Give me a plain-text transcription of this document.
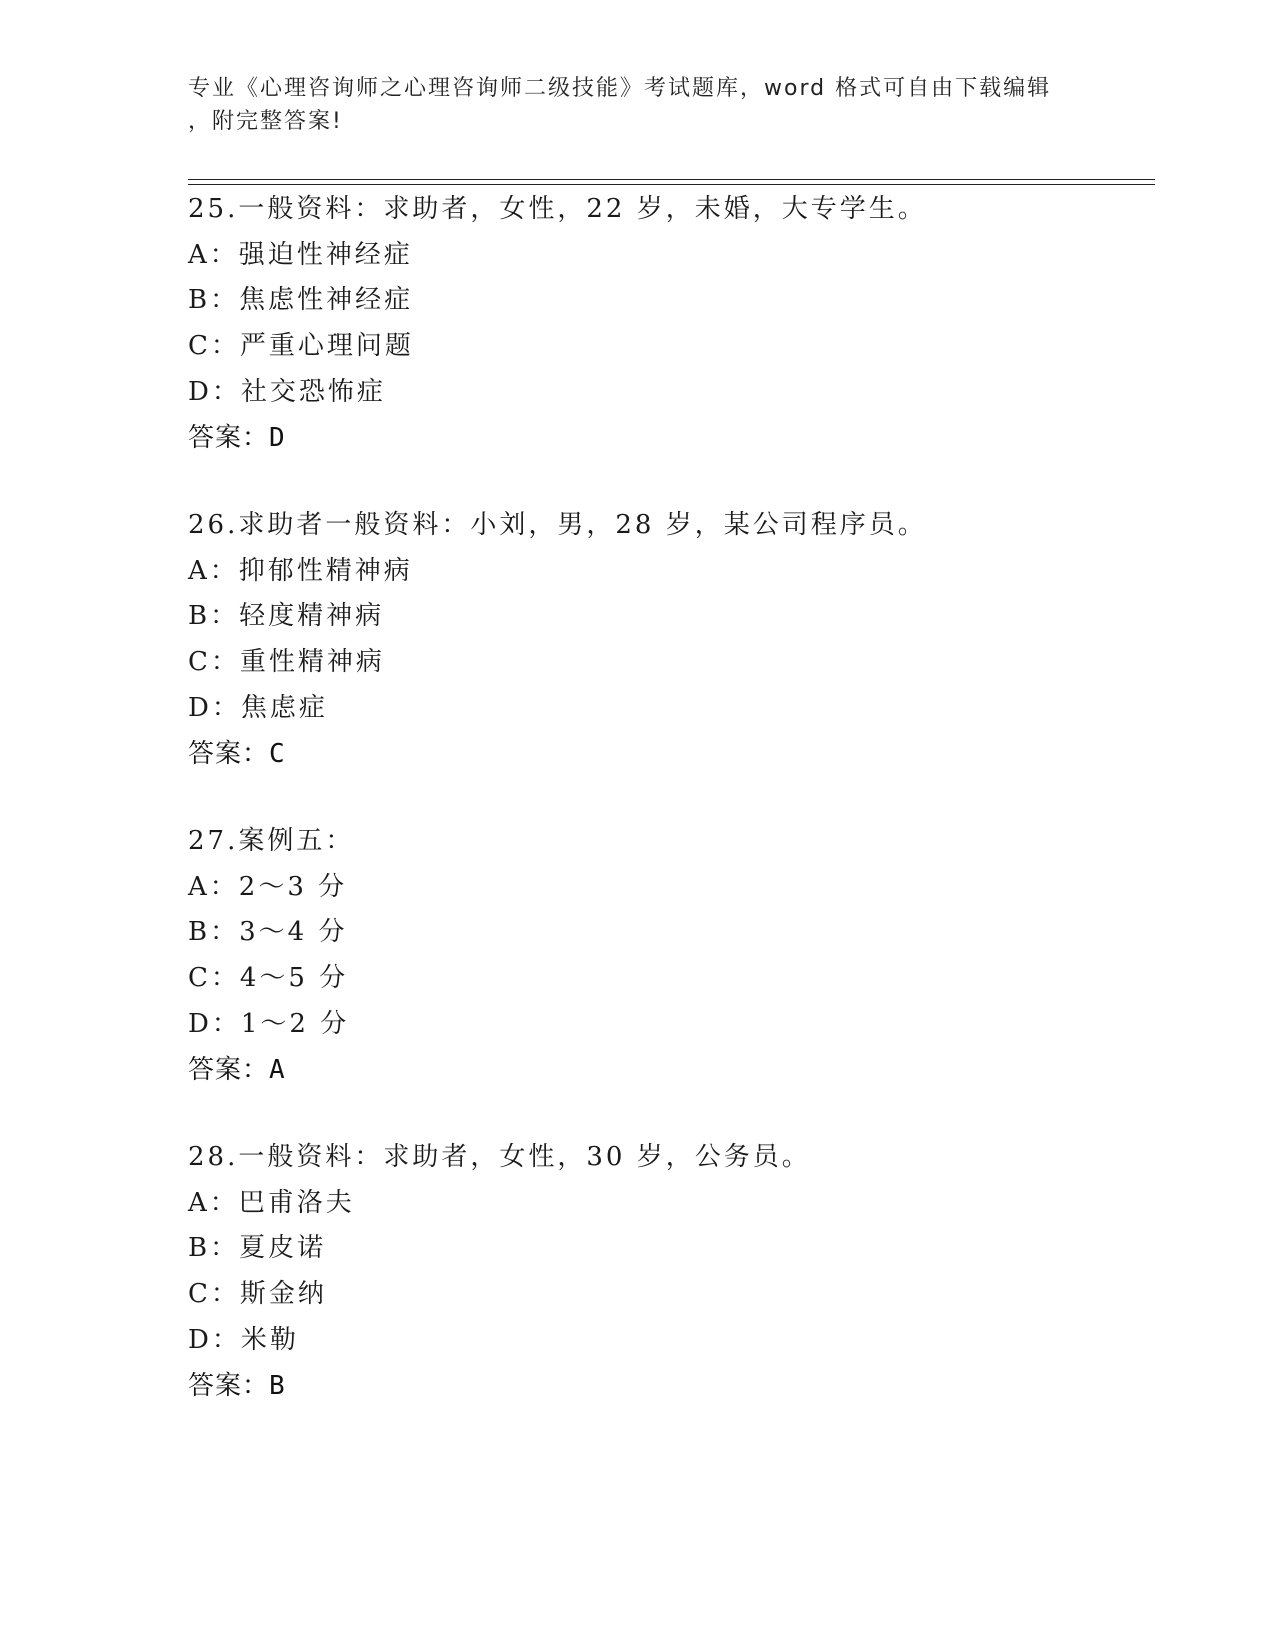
专业《心理咨询师之心理咨询师二级技能》考试题库，word 格式可自由下载编辑
，附完整答案!
25.一般资料：求助者，女性，22 岁，未婚，大专学生。
A：强迫性神经症
B：焦虑性神经症
C：严重心理问题
D：社交恐怖症
答案：D
26.求助者一般资料：小刘，男，28 岁，某公司程序员。
A：抑郁性精神病
B：轻度精神病
C：重性精神病
D：焦虑症
答案：C
27.案例五：
A：2～3 分
B：3～4 分
C：4～5 分
D：1～2 分
答案：A
28.一般资料：求助者，女性，30 岁，公务员。
A：巴甫洛夫
B：夏皮诺
C：斯金纳
D：米勒
答案：B
